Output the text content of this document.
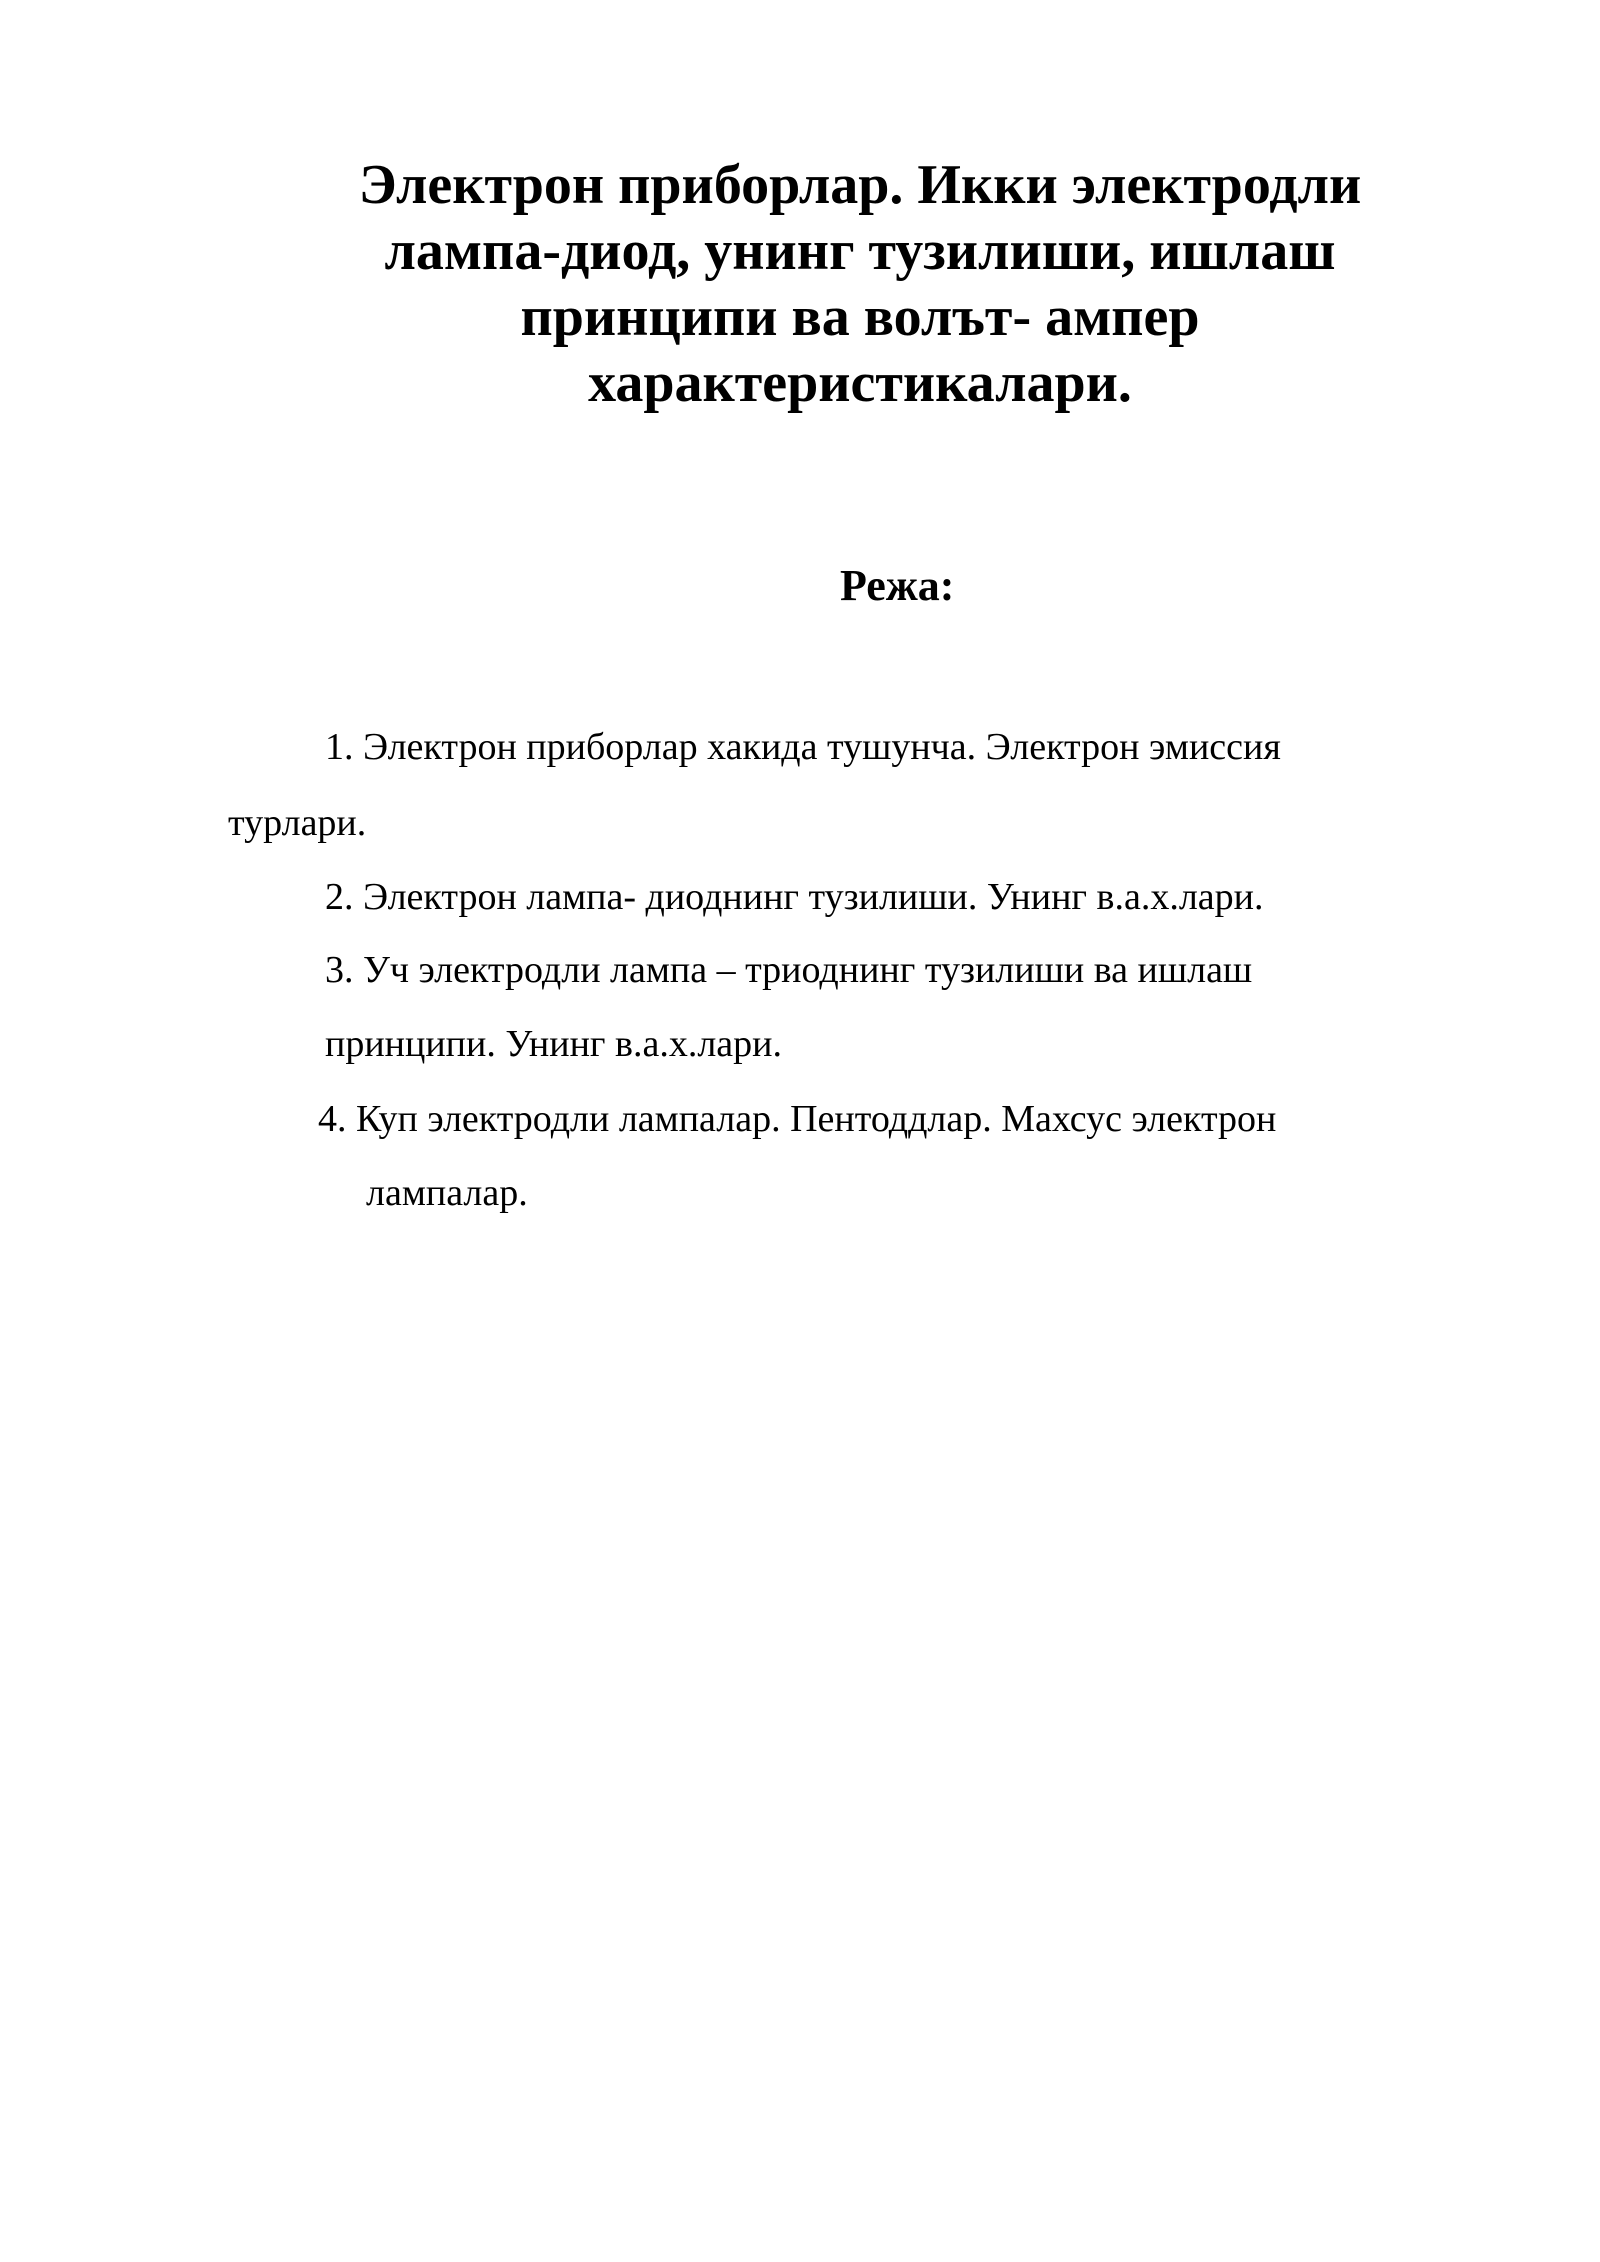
Электрон приборлар. Икки электродли
лампа-диод, унинг тузилиши, ишлаш
принципи ва волът- ампер
характеристикалари.
Режа:

1. Электрон приборлар хакида тушунча. Электрон эмиссия

турлари.

2. Электрон лампа- диоднинг тузилиши. Унинг в.а.х.лари.

3. Уч электродли лампа – триоднинг тузилиши ва ишлаш

принципи. Унинг в.а.х.лари.

4. Куп электродли лампалар. Пентоддлар. Махсус электрон

лампалар.
